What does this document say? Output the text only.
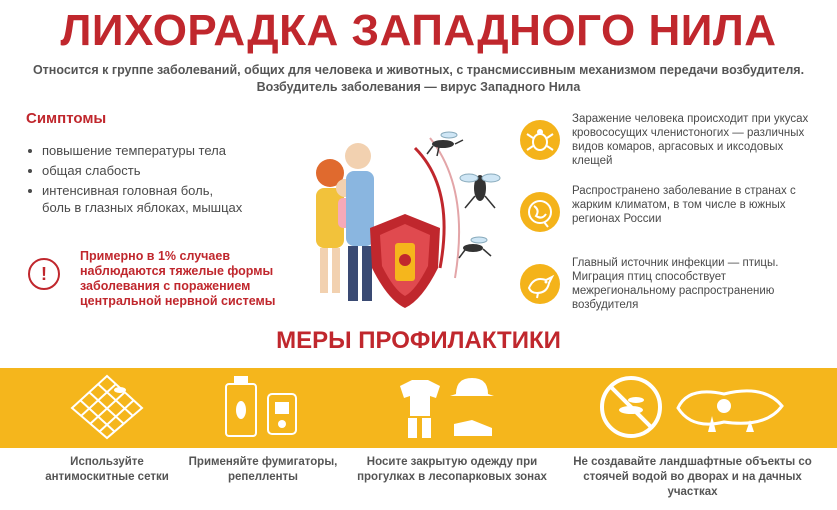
ЛИХОРАДКА ЗАПАДНОГО НИЛА
Относится к группе заболеваний, общих для человека и животных, с трансмиссивным механизмом передачи возбудителя.
Возбудитель заболевания — вирус Западного Нила
Симптомы
повышение температуры тела
общая слабость
интенсивная головная боль,
боль в глазных яблоках, мышцах
!
Примерно в 1% случаев наблюдаются тяжелые формы заболевания с поражением центральной нервной системы
Заражение человека происходит при укусах кровососущих членистоногих — различных видов комаров, аргасовых и иксодовых клещей
Распространено заболевание в странах с жарким климатом, в том числе в южных регионах России
Главный источник инфекции — птицы. Миграция птиц способствует межрегиональному распространению возбудителя
МЕРЫ ПРОФИЛАКТИКИ
Используйте антимоскитные сетки
Применяйте фумигаторы, репелленты
Носите закрытую одежду при прогулках в лесопарковых зонах
Не создавайте ландшафтные объекты со стоячей водой во дворах и на дачных участках
